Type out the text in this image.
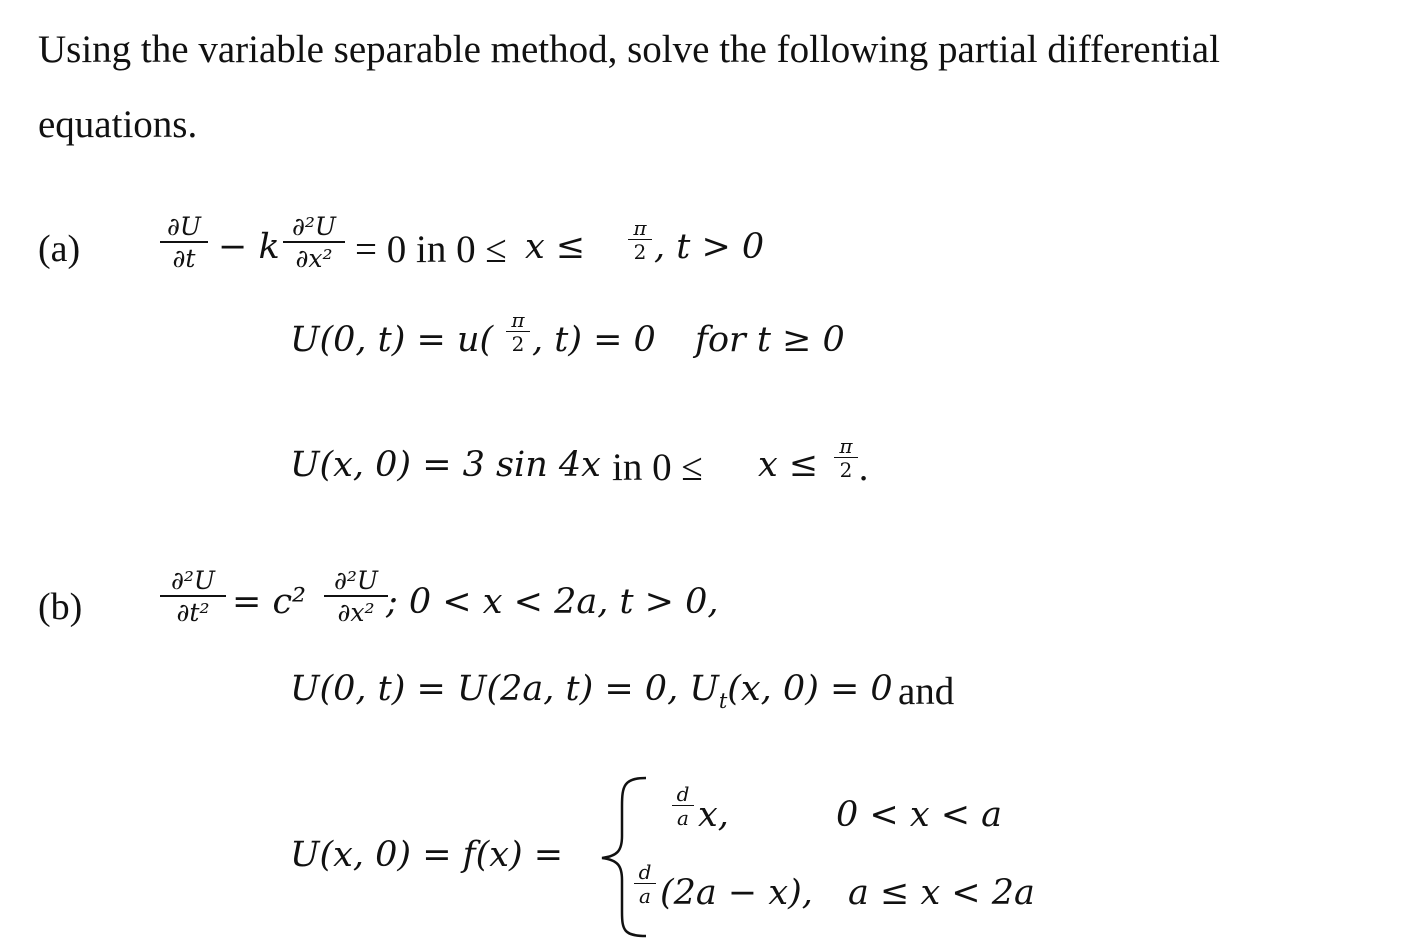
Using the variable separable method, solve the following partial differential
equations.
(a)
∂U
∂t − k
∂²U
∂x² = 0 in 0 ≤ x ≤ π
2 , t > 0
U(0, t) = u( π
2 , t) = 0 for t ≥ 0
U(x, 0) = 3 sin 4x in 0 ≤ x ≤ π
2 .
(b)
∂²U
∂t² = c²
∂²U
∂x² ; 0 < x < 2a, t > 0,
U(0, t) = U(2a, t) = 0, $U_t(x$, 0) = 0 and
U(x, 0) = f(x) =
d
a x,	0 < x < a
d
a (2a − x), a ≤ x < 2a
